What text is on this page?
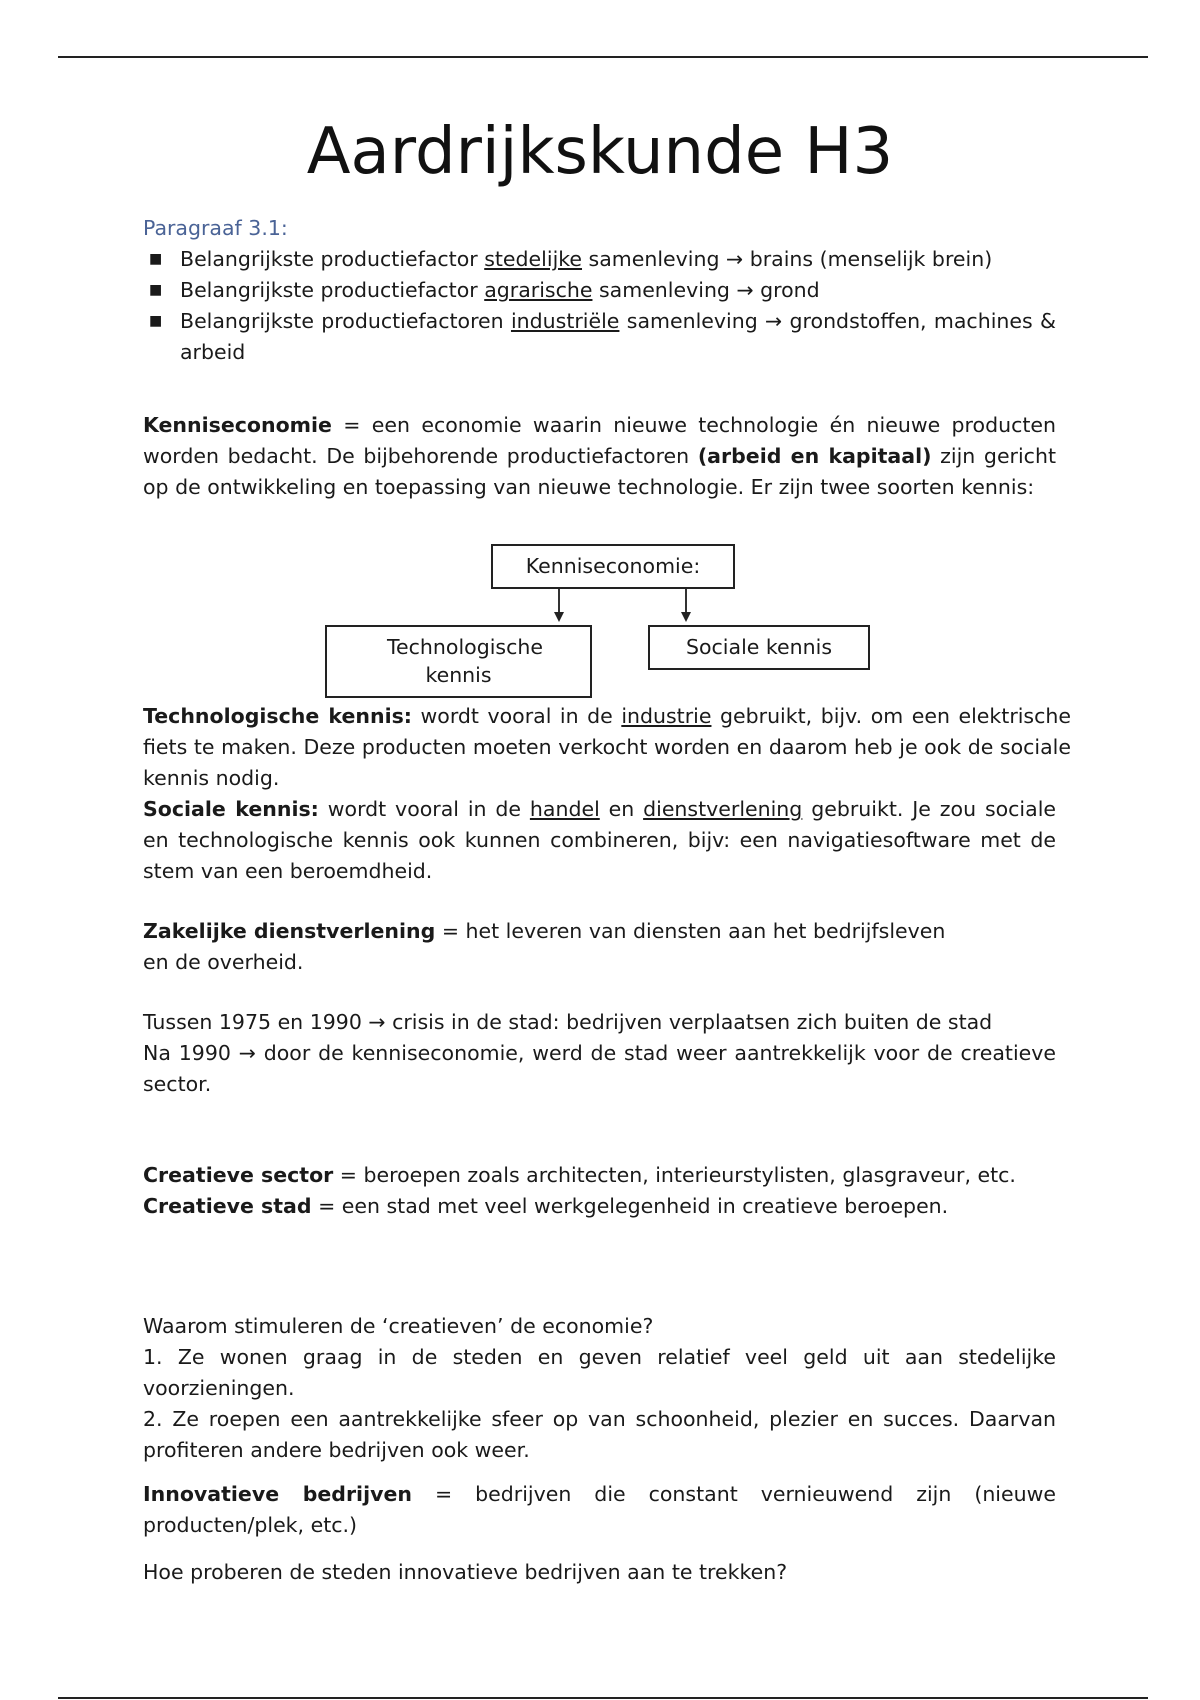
Aardrijkskunde H3
Paragraaf 3.1:
■ Belangrijkste productiefactor stedelijke samenleving → brains (menselijk brein)
■ Belangrijkste productiefactor agrarische samenleving → grond
■ Belangrijkste productiefactoren industriële samenleving → grondstoffen, machines & arbeid
Kenniseconomie = een economie waarin nieuwe technologie én nieuwe producten worden bedacht. De bijbehorende productiefactoren (arbeid en kapitaal) zijn gericht op de ontwikkeling en toepassing van nieuwe technologie. Er zijn twee soorten kennis:
Kenniseconomie:
Technologische kennis
Sociale kennis
Technologische kennis: wordt vooral in de industrie gebruikt, bijv. om een elektrische fiets te maken. Deze producten moeten verkocht worden en daarom heb je ook de sociale kennis nodig.
Sociale kennis: wordt vooral in de handel en dienstverlening gebruikt. Je zou sociale en technologische kennis ook kunnen combineren, bijv: een navigatiesoftware met de stem van een beroemdheid.
Zakelijke dienstverlening = het leveren van diensten aan het bedrijfsleven en de overheid.
Tussen 1975 en 1990 → crisis in de stad: bedrijven verplaatsen zich buiten de stad
Na 1990 → door de kenniseconomie, werd de stad weer aantrekkelijk voor de creatieve sector.
Creatieve sector = beroepen zoals architecten, interieurstylisten, glasgraveur, etc.
Creatieve stad = een stad met veel werkgelegenheid in creatieve beroepen.
Waarom stimuleren de ‘creatieven’ de economie?
1. Ze wonen graag in de steden en geven relatief veel geld uit aan stedelijke voorzieningen.
2. Ze roepen een aantrekkelijke sfeer op van schoonheid, plezier en succes. Daarvan profiteren andere bedrijven ook weer.
Innovatieve bedrijven = bedrijven die constant vernieuwend zijn (nieuwe producten/plek, etc.)
Hoe proberen de steden innovatieve bedrijven aan te trekken?
